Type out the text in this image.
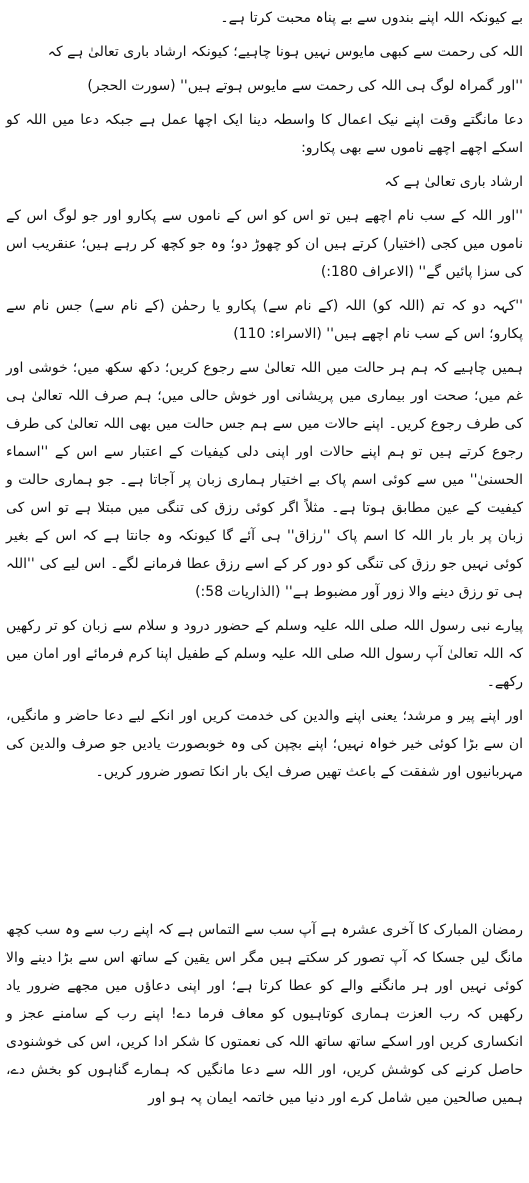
بے کیونکہ اللہ اپنے بندوں سے بے پناہ محبت کرتا ہے۔

اللہ کی رحمت سے کبھی مایوس نہیں ہونا چاہیے؛ کیونکہ ارشاد باری تعالیٰ ہے کہ

''اور گمراہ لوگ ہی اللہ کی رحمت سے مایوس ہوتے ہیں'' (سورت الحجر)

دعا مانگتے وقت اپنے نیک اعمال کا واسطہ دینا ایک اچھا عمل ہے جبکہ دعا میں اللہ کو اسکے اچھے اچھے ناموں سے بھی پکارو:

ارشاد باری تعالیٰ ہے کہ

''اور اللہ کے سب نام اچھے ہیں تو اس کو اس کے ناموں سے پکارو اور جو لوگ اس کے ناموں میں کجی (اختیار) کرتے ہیں ان کو چھوڑ دو؛ وہ جو کچھ کر رہے ہیں؛ عنقریب اس کی سزا پائیں گے'' (الاعراف 180:)

''کہہ دو کہ تم (اللہ کو) اللہ (کے نام سے) پکارو یا رحمٰن (کے نام سے) جس نام سے پکارو؛ اس کے سب نام اچھے ہیں'' (الاسراء: 110)

ہمیں چاہیے کہ ہم ہر حالت میں اللہ تعالیٰ سے رجوع کریں؛ دکھ سکھ میں؛ خوشی اور غم میں؛ صحت اور بیماری میں پریشانی اور خوش حالی میں؛ ہم صرف اللہ تعالیٰ ہی کی طرف رجوع کریں۔ اپنے حالات میں سے ہم جس حالت میں بھی اللہ تعالیٰ کی طرف رجوع کرتے ہیں تو ہم اپنے حالات اور اپنی دلی کیفیات کے اعتبار سے اس کے ''اسماء الحسنیٰ'' میں سے کوئی اسم پاک بے اختیار ہماری زبان پر آجاتا ہے۔ جو ہماری حالت و کیفیت کے عین مطابق ہوتا ہے۔ مثلاً اگر کوئی رزق کی تنگی میں مبتلا ہے تو اس کی زبان پر بار بار اللہ کا اسم پاک ''رزاق'' ہی آئے گا کیونکہ وہ جانتا ہے کہ اس کے بغیر کوئی نہیں جو رزق کی تنگی کو دور کر کے اسے رزق عطا فرمانے لگے۔ اس لیے کی ''اللہ ہی تو رزق دینے والا زور آور مضبوط ہے'' (الذاریات 58:)

پیارے نبی رسول اللہ صلی اللہ علیہ وسلم کے حضور درود و سلام سے زبان کو تر رکھیں کہ اللہ تعالیٰ آپ رسول اللہ صلی اللہ علیہ وسلم کے طفیل اپنا کرم فرمائے اور امان میں رکھے۔

اور اپنے پیر و مرشد؛ یعنی اپنے والدین کی خدمت کریں اور انکے لیے دعا حاضر و مانگیں، ان سے بڑا کوئی خیر خواہ نہیں؛ اپنے بچپن کی وہ خوبصورت یادیں جو صرف والدین کی مہربانیوں اور شفقت کے باعث تھیں صرف ایک بار انکا تصور ضرور کریں۔

رمضان المبارک کا آخری عشرہ ہے آپ سب سے التماس ہے کہ اپنے رب سے وہ سب کچھ مانگ لیں جسکا کہ آپ تصور کر سکتے ہیں مگر اس یقین کے ساتھ اس سے بڑا دینے والا کوئی نہیں اور ہر مانگنے والے کو عطا کرتا ہے؛ اور اپنی دعاؤں میں مجھے ضرور یاد رکھیں کہ رب العزت ہماری کوتاہیوں کو معاف فرما دے! اپنے رب کے سامنے عجز و انکساری کریں اور اسکے ساتھ ساتھ اللہ کی نعمتوں کا شکر ادا کریں، اس کی خوشنودی حاصل کرنے کی کوشش کریں، اور اللہ سے دعا مانگیں کہ ہمارے گناہوں کو بخش دے، ہمیں صالحین میں شامل کرے اور دنیا میں خاتمہ ایمان پہ ہو اور
